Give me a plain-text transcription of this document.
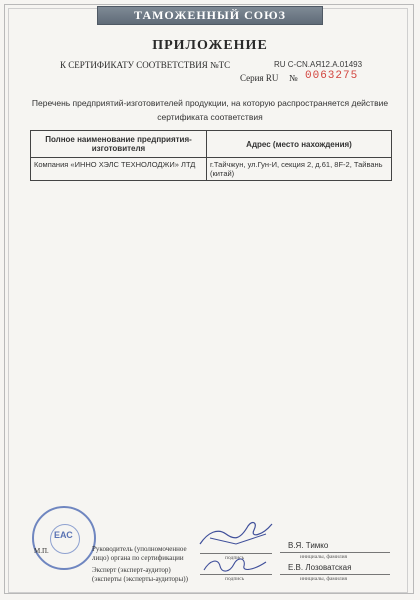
ТАМОЖЕННЫЙ СОЮЗ
ПРИЛОЖЕНИЕ
К СЕРТИФИКАТУ СООТВЕТСТВИЯ №ТС	RU С-CN.АЯ12.А.01493
Серия RU № 0063275
Перечень предприятий-изготовителей продукции, на которую распространяется действие сертификата соответствия
Полное наименование предприятия-изготовителя	Адрес (место нахождения)
Компания «ИННО ХЭЛС ТЕХНОЛОДЖИ» ЛТД	г.Тайчжун, ул.Гун-И, секция 2, д.61, 8F-2, Тайвань (китай)
ЕАС
М.П.	Руководитель (уполномоченное
лицо) органа по сертификации	подпись
В.Я. Тимко
инициалы, фамилия
Эксперт (эксперт-аудитор)
(эксперты (эксперты-аудиторы))	подпись
Е.В. Лозоватская
инициалы, фамилия
